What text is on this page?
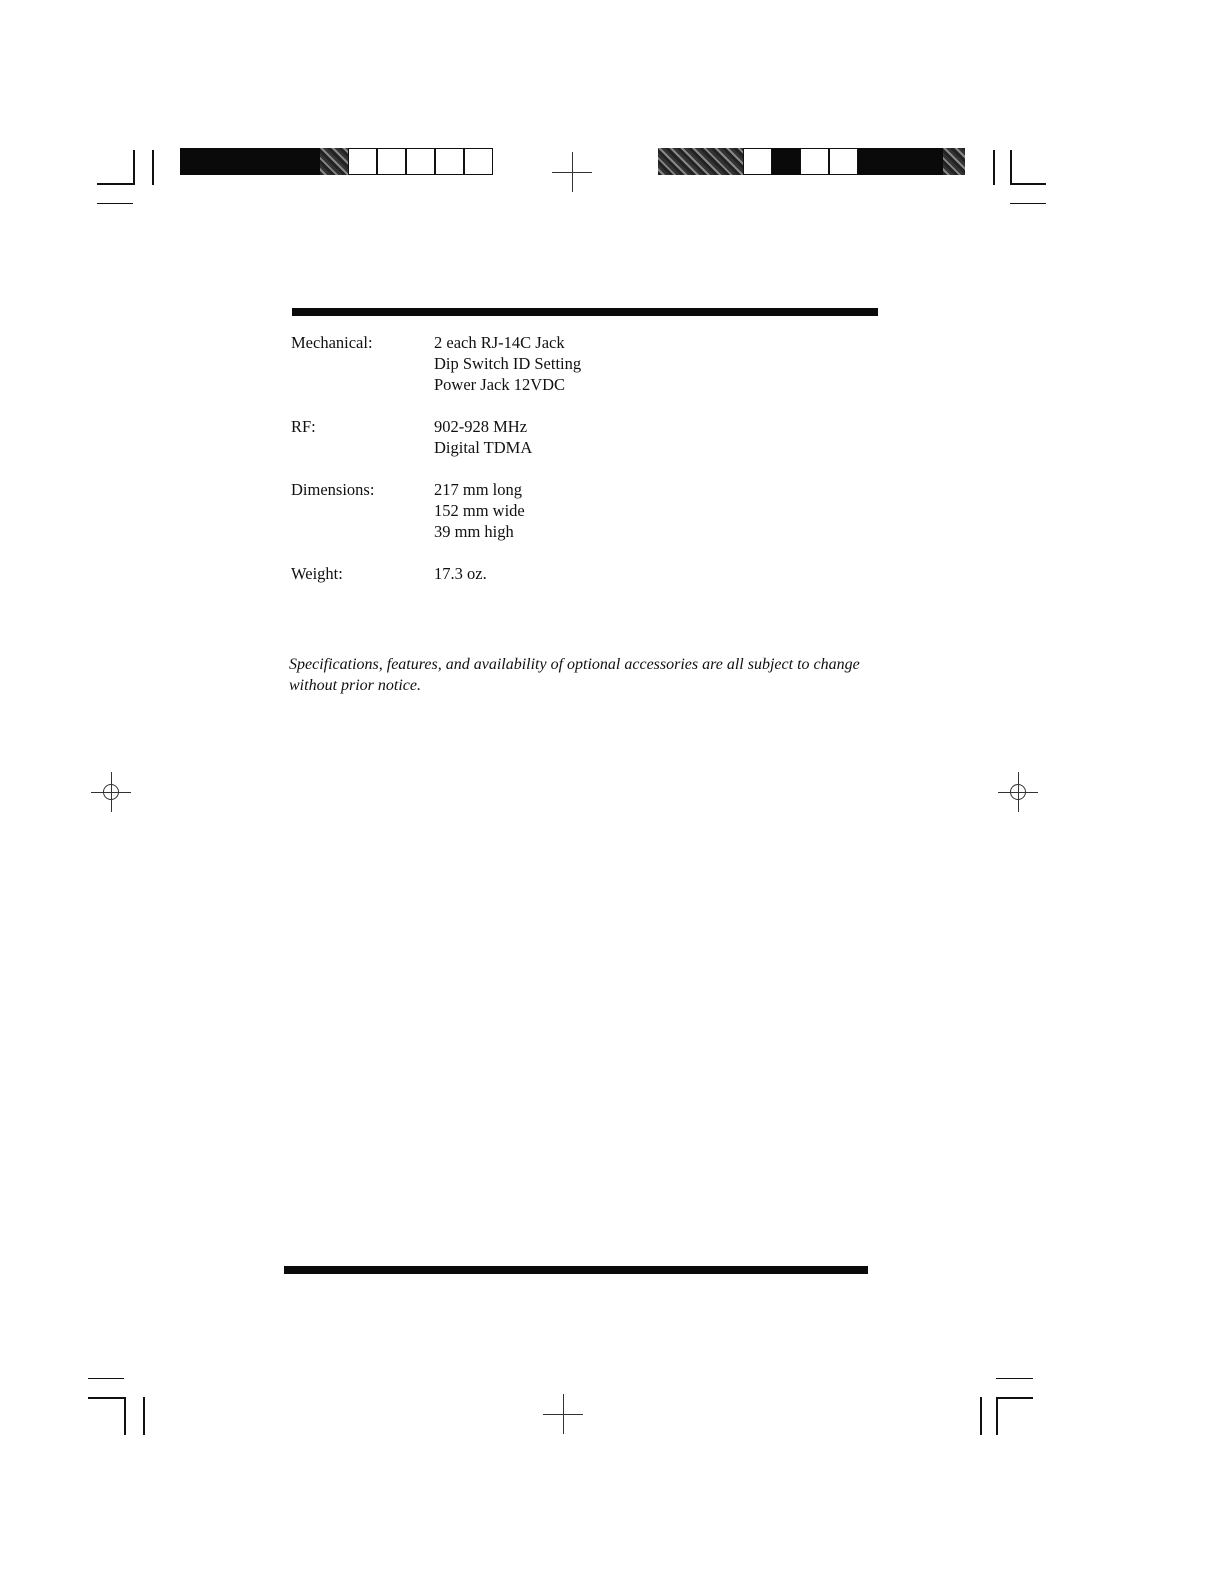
Mechanical:	2 each RJ-14C Jack
Dip Switch ID Setting
Power Jack 12VDC
RF:	902-928 MHz
Digital TDMA
Dimensions:	217 mm long
152 mm wide
39 mm high
Weight:	17.3 oz.
Specifications, features, and availability of optional accessories are all subject to change without prior notice.
